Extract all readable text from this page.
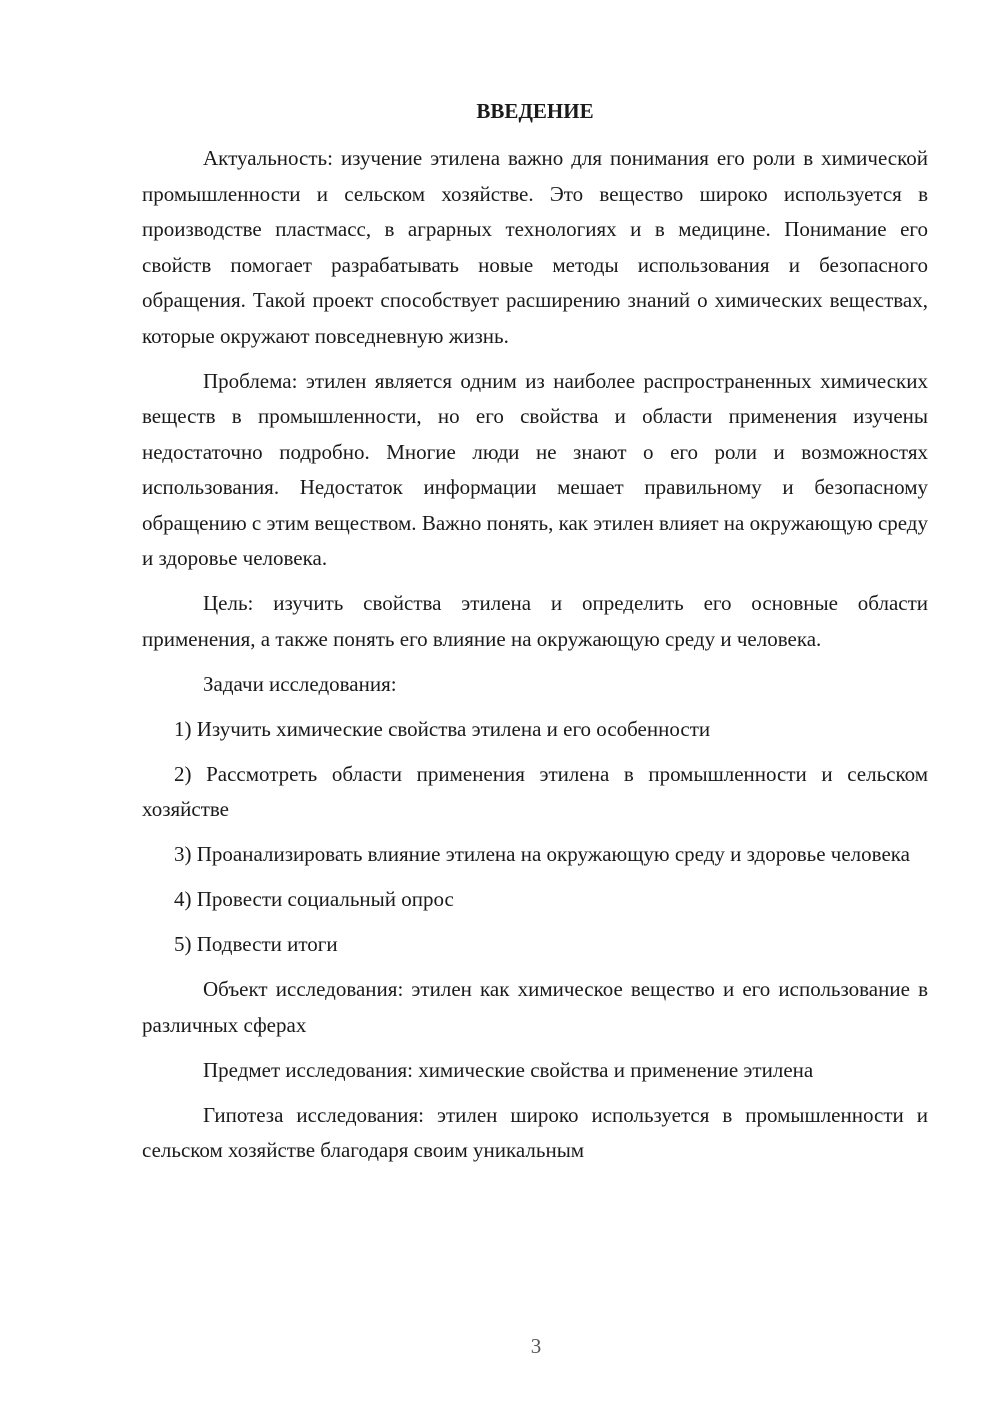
ВВЕДЕНИЕ

Актуальность: изучение этилена важно для понимания его роли в химической промышленности и сельском хозяйстве. Это вещество широко используется в производстве пластмасс, в аграрных технологиях и в медицине. Понимание его свойств помогает разрабатывать новые методы использования и безопасного обращения. Такой проект способствует расширению знаний о химических веществах, которые окружают повседневную жизнь.

Проблема: этилен является одним из наиболее распространенных химических веществ в промышленности, но его свойства и области применения изучены недостаточно подробно. Многие люди не знают о его роли и возможностях использования. Недостаток информации мешает правильному и безопасному обращению с этим веществом. Важно понять, как этилен влияет на окружающую среду и здоровье человека.

Цель: изучить свойства этилена и определить его основные области применения, а также понять его влияние на окружающую среду и человека.

Задачи исследования:

1) Изучить химические свойства этилена и его особенности

2) Рассмотреть области применения этилена в промышленности и сельском хозяйстве

3) Проанализировать влияние этилена на окружающую среду и здоровье человека

4) Провести социальный опрос

5) Подвести итоги

Объект исследования: этилен как химическое вещество и его использование в различных сферах

Предмет исследования: химические свойства и применение этилена

Гипотеза исследования: этилен широко используется в промышленности и сельском хозяйстве благодаря своим уникальным

3
